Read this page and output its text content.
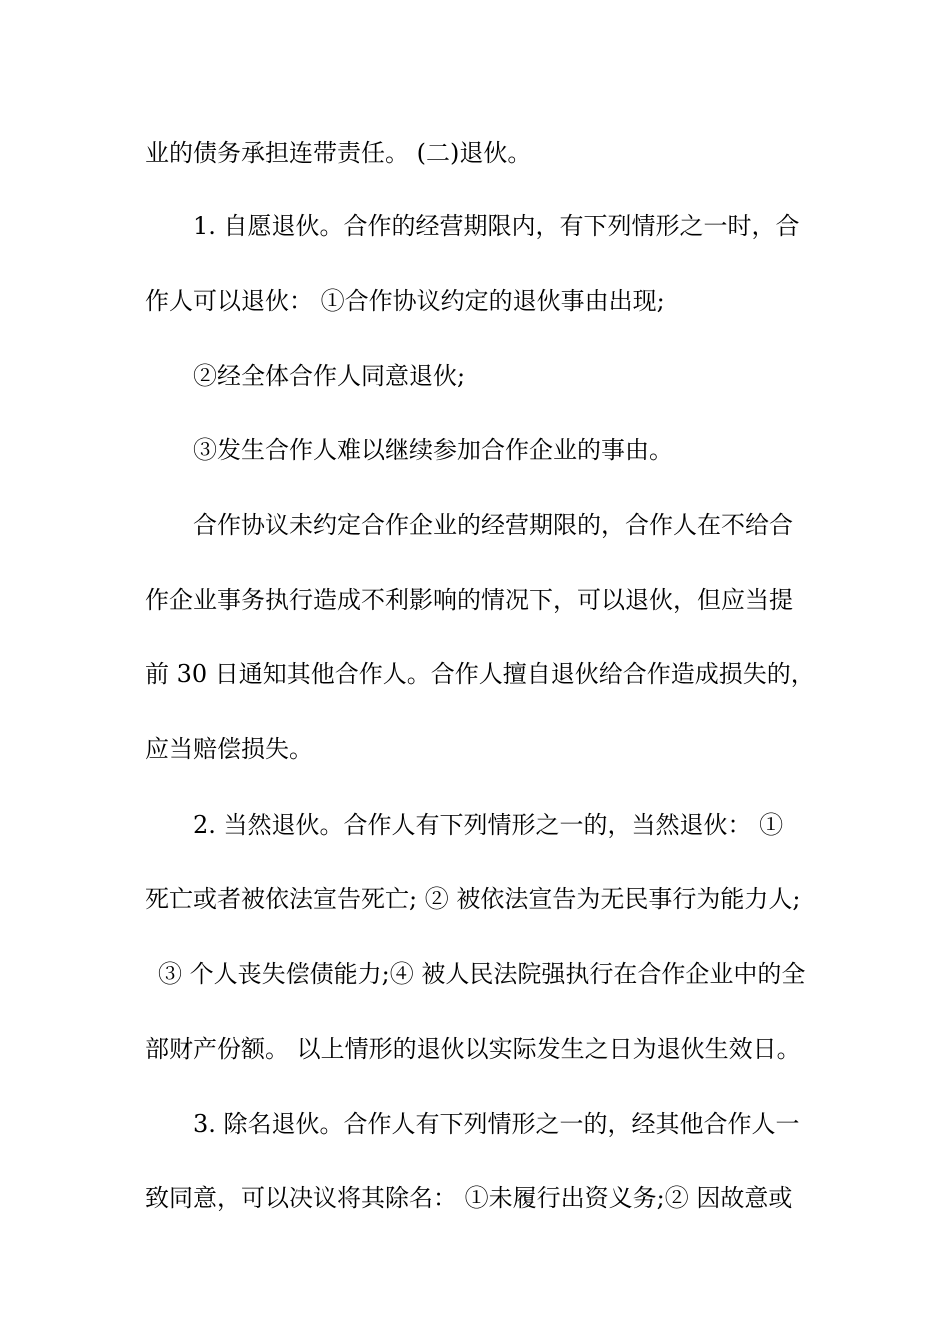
业的债务承担连带责任。 (二)退伙。
1. 自愿退伙。合作的经营期限内，有下列情形之一时，合
作人可以退伙： ①合作协议约定的退伙事由出现;
②经全体合作人同意退伙;
③发生合作人难以继续参加合作企业的事由。
合作协议未约定合作企业的经营期限的，合作人在不给合
作企业事务执行造成不利影响的情况下，可以退伙，但应当提
前 30 日通知其他合作人。合作人擅自退伙给合作造成损失的，
应当赔偿损失。
2. 当然退伙。合作人有下列情形之一的，当然退伙： ①
死亡或者被依法宣告死亡; ② 被依法宣告为无民事行为能力人;
③ 个人丧失偿债能力;④ 被人民法院强执行在合作企业中的全
部财产份额。 以上情形的退伙以实际发生之日为退伙生效日。
3. 除名退伙。合作人有下列情形之一的，经其他合作人一
致同意，可以决议将其除名： ①未履行出资义务;② 因故意或
